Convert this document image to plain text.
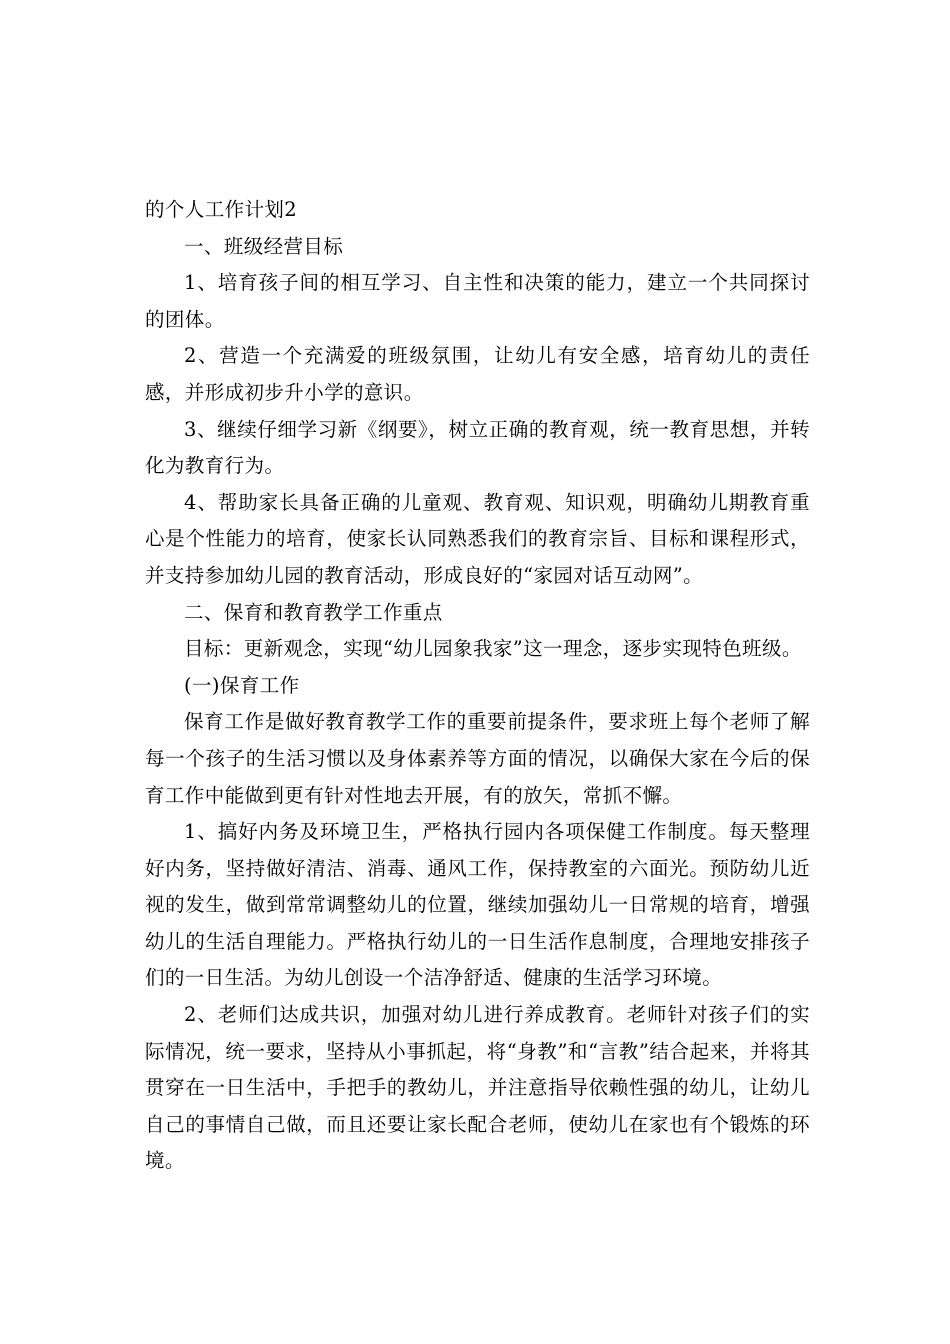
的个人工作计划2

一、班级经营目标

1、培育孩子间的相互学习、自主性和决策的能力，建立一个共同探讨的团体。

2、营造一个充满爱的班级氛围，让幼儿有安全感，培育幼儿的责任感，并形成初步升小学的意识。

3、继续仔细学习新《纲要》，树立正确的教育观，统一教育思想，并转化为教育行为。

4、帮助家长具备正确的儿童观、教育观、知识观，明确幼儿期教育重心是个性能力的培育，使家长认同熟悉我们的教育宗旨、目标和课程形式，并支持参加幼儿园的教育活动，形成良好的“家园对话互动网”。

二、保育和教育教学工作重点

目标：更新观念，实现“幼儿园象我家”这一理念，逐步实现特色班级。

(一)保育工作

保育工作是做好教育教学工作的重要前提条件，要求班上每个老师了解每一个孩子的生活习惯以及身体素养等方面的情况，以确保大家在今后的保育工作中能做到更有针对性地去开展，有的放矢，常抓不懈。

1、搞好内务及环境卫生，严格执行园内各项保健工作制度。每天整理好内务，坚持做好清洁、消毒、通风工作，保持教室的六面光。预防幼儿近视的发生，做到常常调整幼儿的位置，继续加强幼儿一日常规的培育，增强幼儿的生活自理能力。严格执行幼儿的一日生活作息制度，合理地安排孩子们的一日生活。为幼儿创设一个洁净舒适、健康的生活学习环境。

2、老师们达成共识，加强对幼儿进行养成教育。老师针对孩子们的实际情况，统一要求，坚持从小事抓起，将“身教”和“言教”结合起来，并将其贯穿在一日生活中，手把手的教幼儿，并注意指导依赖性强的幼儿，让幼儿自己的事情自己做，而且还要让家长配合老师，使幼儿在家也有个锻炼的环境。
